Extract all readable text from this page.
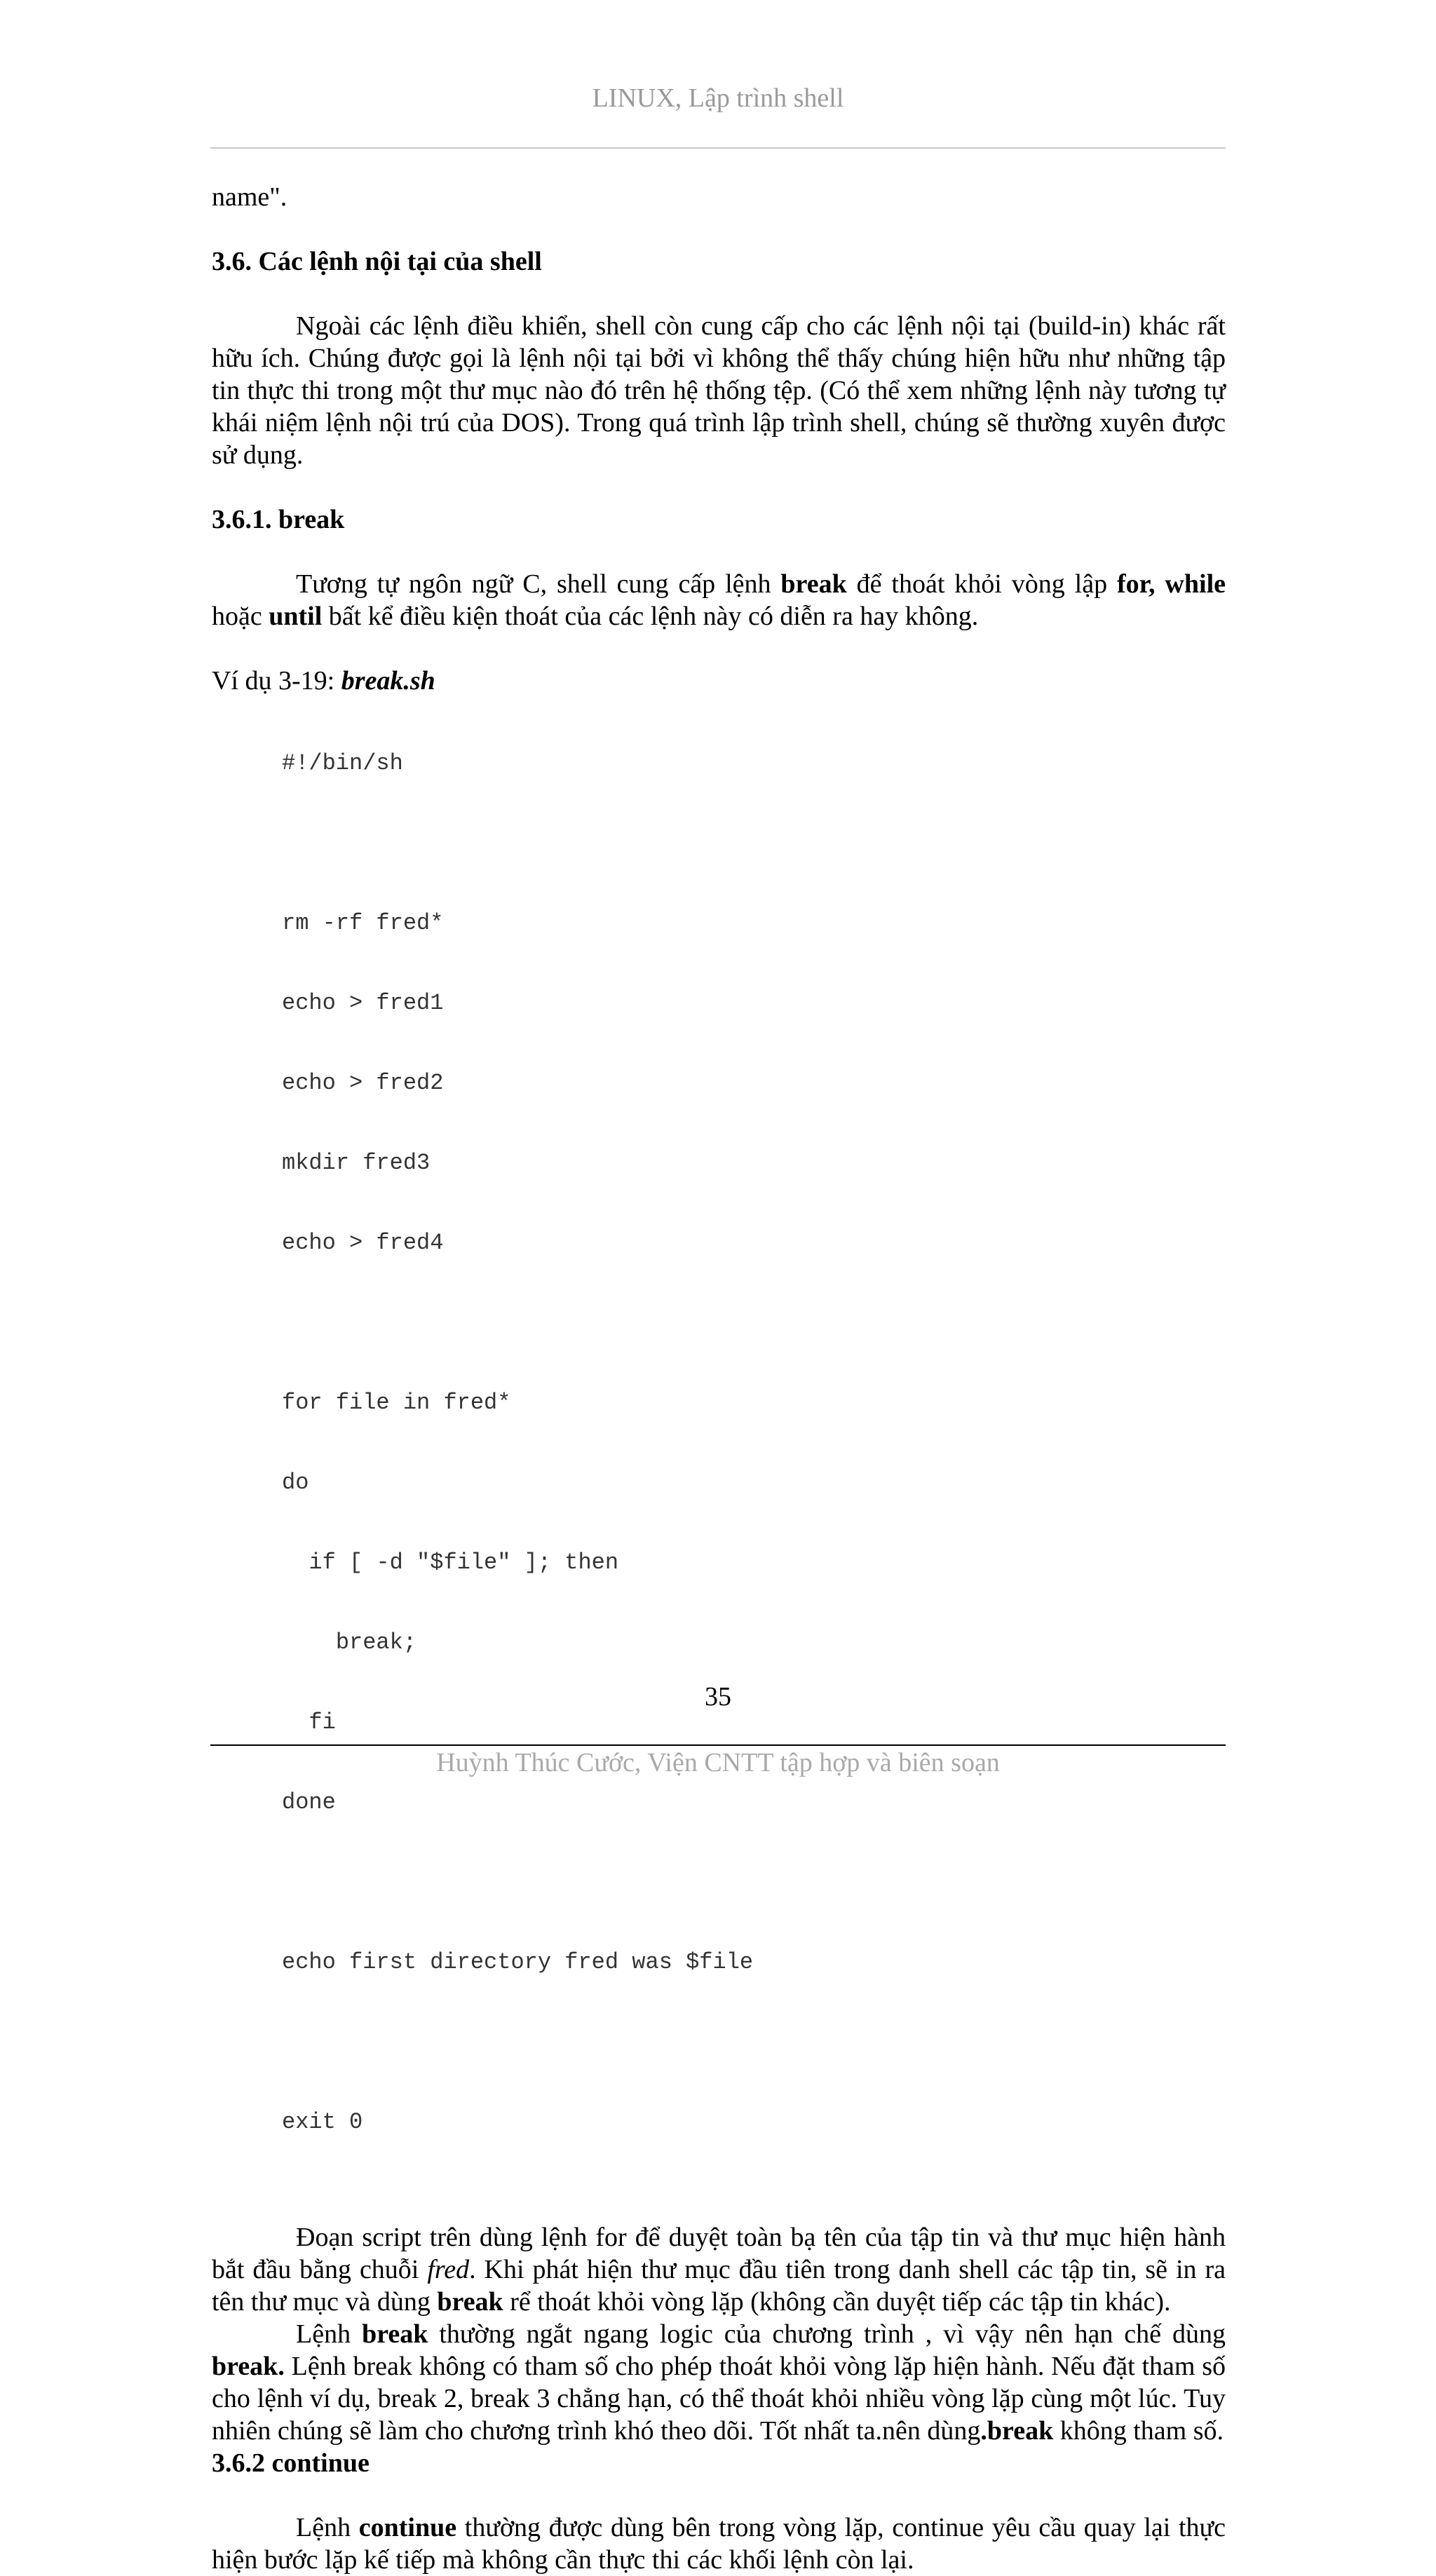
LINUX, Lập trình shell
name".
3.6. Các lệnh nội tại của shell
Ngoài các lệnh điều khiển, shell còn cung cấp cho các lệnh nội tại (build-in) khác rất hữu ích. Chúng được gọi là lệnh nội tại bởi vì không thể thấy chúng hiện hữu như những tập tin thực thi trong một thư mục nào đó trên hệ thống tệp. (Có thể xem những lệnh này tương tự khái niệm lệnh nội trú của DOS). Trong quá trình lập trình shell, chúng sẽ thường xuyên được sử dụng.
3.6.1. break
Tương tự ngôn ngữ C, shell cung cấp lệnh break để thoát khỏi vòng lập for, while hoặc until bất kể điều kiện thoát của các lệnh này có diễn ra hay không.
Ví dụ 3-19: break.sh

#!/bin/sh

rm -rf fred*

echo > fred1

echo > fred2

mkdir fred3

echo > fred4

for file in fred*

do

if [ -d "$file" ]; then

break;

fi

done

echo first directory fred was $file

exit 0

Đoạn script trên dùng lệnh for để duyệt toàn bạ tên của tập tin và thư mục hiện hành bắt đầu bằng chuỗi fred. Khi phát hiện thư mục đầu tiên trong danh shell các tập tin, sẽ in ra tên thư mục và dùng break rể thoát khỏi vòng lặp (không cần duyệt tiếp các tập tin khác).
Lệnh break thường ngắt ngang logic của chương trình , vì vậy nên hạn chế dùng break. Lệnh break không có tham số cho phép thoát khỏi vòng lặp hiện hành. Nếu đặt tham số cho lệnh ví dụ, break 2, break 3 chẳng hạn, có thể thoát khỏi nhiều vòng lặp cùng một lúc. Tuy nhiên chúng sẽ làm cho chương trình khó theo dõi. Tốt nhất ta.nên dùng.break không tham số.
3.6.2 continue
Lệnh continue thường được dùng bên trong vòng lặp, continue yêu cầu quay lại thực hiện bước lặp kế tiếp mà không cần thực thi các khối lệnh còn lại.
35
Huỳnh Thúc Cước, Viện CNTT tập hợp và biên soạn
